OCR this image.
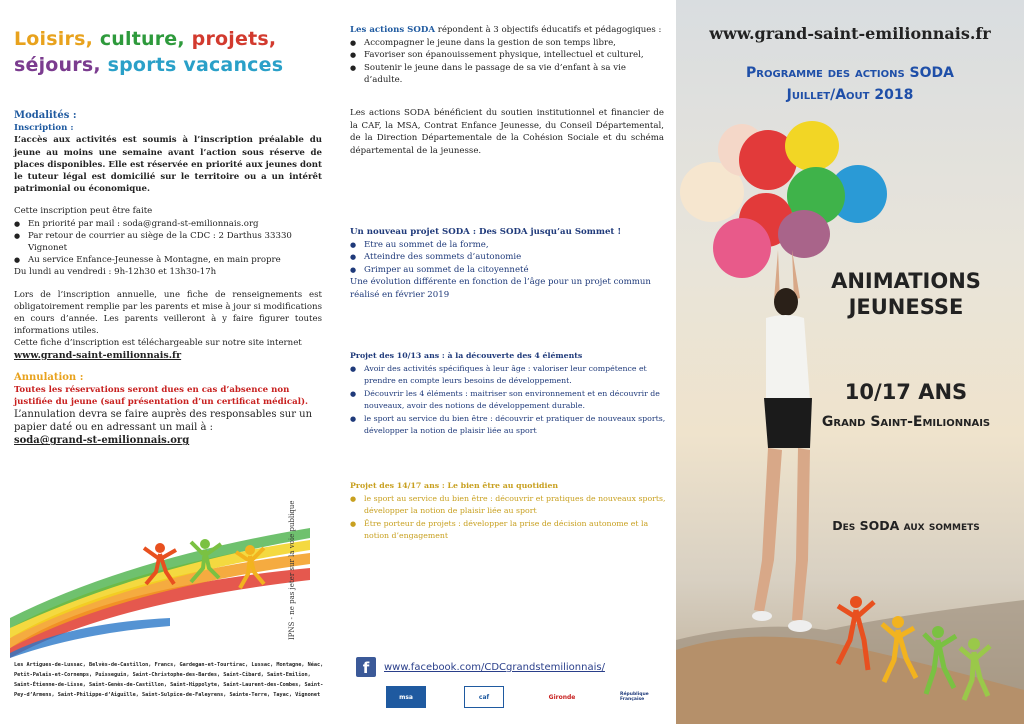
Loisirs, culture, projets,
séjours, sports vacances
Modalités :
Inscription :
L’accès aux activités est soumis à l’inscription préalable du jeune au moins une semaine avant l’action sous réserve de places disponibles. Elle est réservée en priorité aux jeunes dont le tuteur légal est domicilié sur le territoire ou a un intérêt patrimonial ou économique.
Cette inscription peut être faite
● En priorité par mail : soda@grand-st-emilionnais.org
● Par retour de courrier au siège de la CDC : 2 Darthus 33330 Vignonet
● Au service Enfance-Jeunesse à Montagne, en main propre
Du lundi au vendredi : 9h-12h30 et 13h30-17h
Lors de l’inscription annuelle, une fiche de renseignements est obligatoirement remplie par les parents et mise à jour si modifications en cours d’année. Les parents veilleront à y faire figurer toutes informations utiles.
Cette fiche d’inscription est téléchargeable sur notre site internet
www.grand-saint-emilionnais.fr
Annulation :
Toutes les réservations seront dues en cas d’absence non justifiée du jeune (sauf présentation d’un certificat médical).
L’annulation devra se faire auprès des responsables sur un papier daté ou en adressant un mail à :
soda@grand-st-emilionnais.org
IPNS - ne pas jeter sur la voie publique
Les Artigues-de-Lussac, Belvès-de-Castillon, Francs, Gardegan-et-Tourtirac, Lussac, Montagne, Néac, Petit-Palais-et-Cornemps, Puisseguin, Saint-Christophe-des-Bardes, Saint-Cibard, Saint-Emilion, Saint-Étienne-de-Lisse, Saint-Genès-de-Castillon, Saint-Hippolyte, Saint-Laurent-des-Combes, Saint-Pey-d’Armens, Saint-Philippe-d’Aiguille, Saint-Sulpice-de-Faleyrens, Sainte-Terre, Tayac, Vignonet
Les actions SODA répondent à 3 objectifs éducatifs et pédagogiques :
● Accompagner le jeune dans la gestion de son temps libre,
● Favoriser son épanouissement physique, intellectuel et culturel,
● Soutenir le jeune dans le passage de sa vie d’enfant à sa vie d’adulte.
Les actions SODA bénéficient du soutien institutionnel et financier de la CAF, la MSA, Contrat Enfance Jeunesse, du Conseil Départemental, de la Direction Départementale de la Cohésion Sociale et du schéma départemental de la jeunesse.
Un nouveau projet SODA : Des SODA jusqu’au Sommet !
● Etre au sommet de la forme,
● Atteindre des sommets d’autonomie
● Grimper au sommet de la citoyenneté
Une évolution différente en fonction de l’âge pour un projet commun réalisé en février 2019
Projet des 10/13 ans : à la découverte des 4 éléments
● Avoir des activités spécifiques à leur âge : valoriser leur compétence et prendre en compte leurs besoins de développement.
● Découvrir les 4 éléments : maitriser son environnement et en découvrir de nouveaux, avoir des notions de développement durable.
● le sport au service du bien être : découvrir et pratiquer de nouveaux sports, développer la notion de plaisir liée au sport
Projet des 14/17 ans : Le bien être au quotidien
● le sport au service du bien être : découvrir et pratiques de nouveaux sports, développer la notion de plaisir liée au sport
● Être porteur de projets : développer la prise de décision autonome et la notion d’engagement
f	www.facebook.com/CDCgrandstemilionnais/
msa	caf	Gironde	République Française
www.grand-saint-emilionnais.fr
Programme des actions SODA
Juillet/Aout 2018
ANIMATIONS
JEUNESSE
10/17 ANS
Grand Saint-Emilionnais
Des SODA aux sommets
